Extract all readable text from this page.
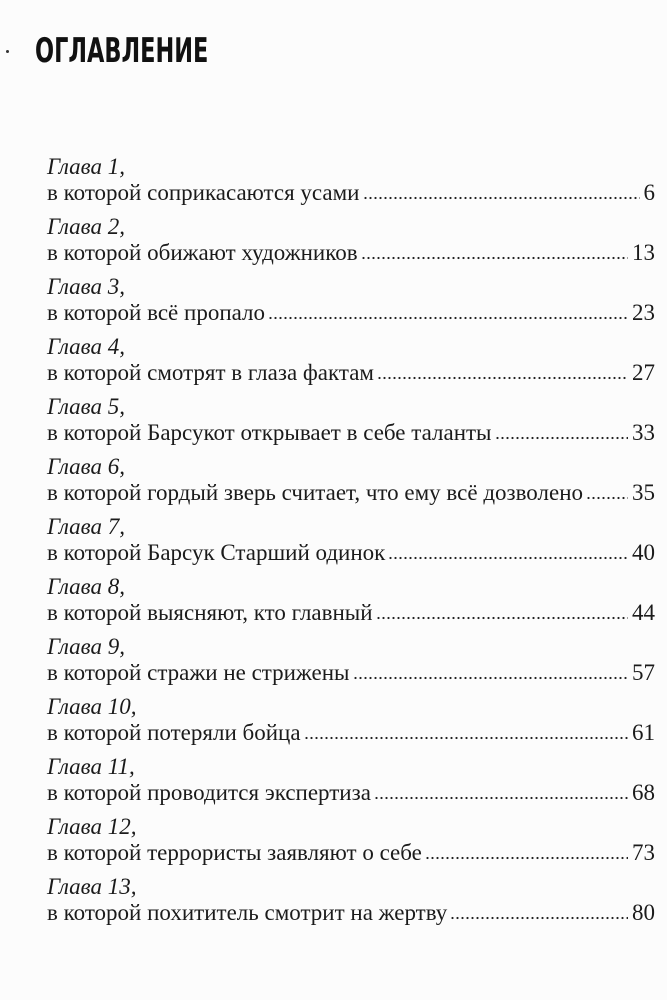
ОГЛАВЛЕНИЕ
Глава 1,
в которой соприкасаются усами	6
Глава 2,
в которой обижают художников	13
Глава 3,
в которой всё пропало	23
Глава 4,
в которой смотрят в глаза фактам	27
Глава 5,
в которой Барсукот открывает в себе таланты	33
Глава 6,
в которой гордый зверь считает, что ему всё дозволено 35
Глава 7,
в которой Барсук Старший одинок	40
Глава 8,
в которой выясняют, кто главный	44
Глава 9,
в которой стражи не стрижены	57
Глава 10,
в которой потеряли бойца	61
Глава 11,
в которой проводится экспертиза	68
Глава 12,
в которой террористы заявляют о себе	73
Глава 13,
в которой похититель смотрит на жертву	80
